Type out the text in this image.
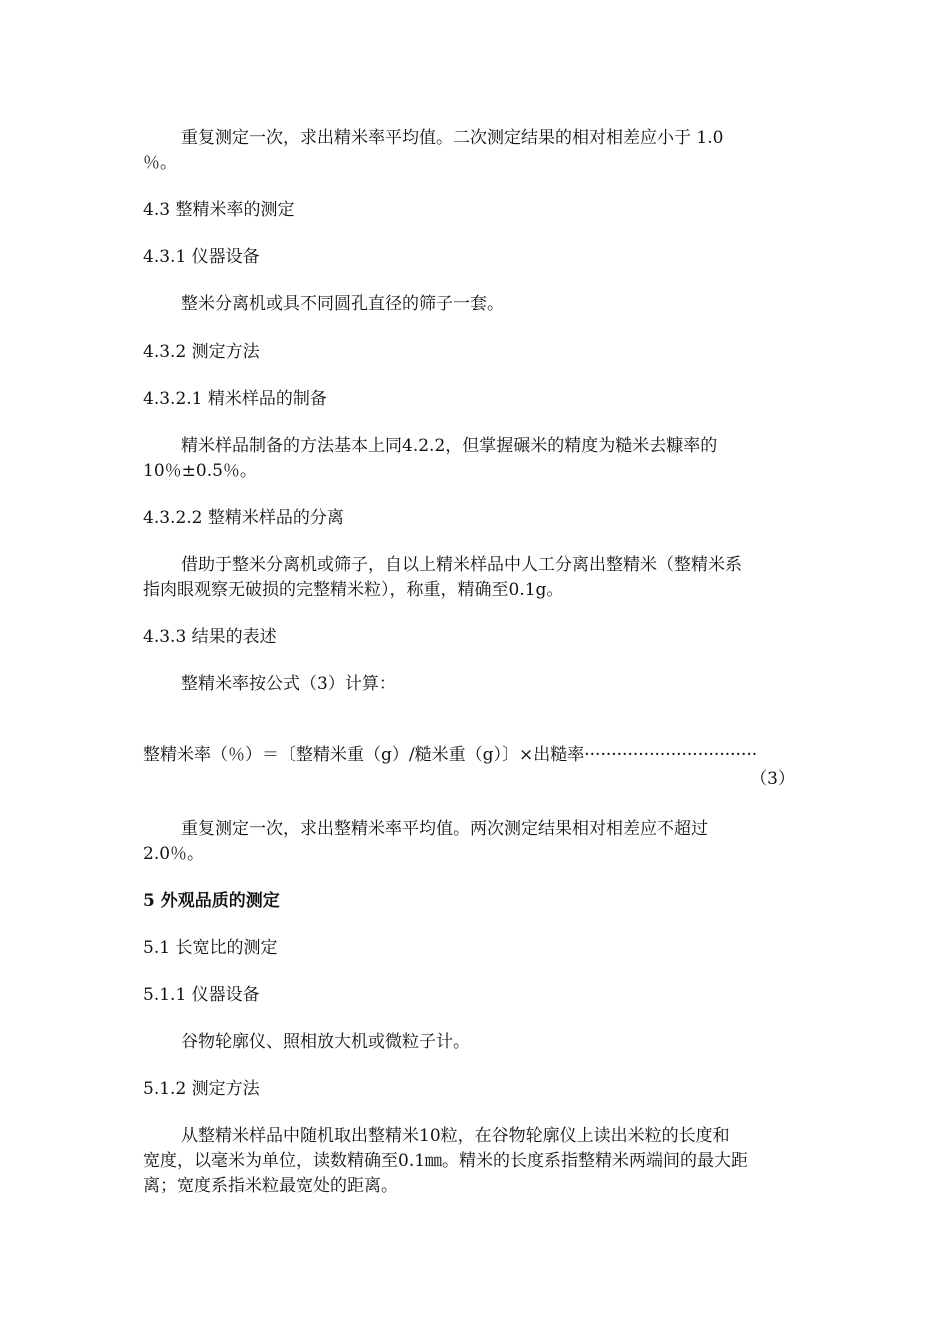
重复测定一次，求出精米率平均值。二次测定结果的相对相差应小于 1.0
％。
4.3 整精米率的测定
4.3.1 仪器设备
整米分离机或具不同圆孔直径的筛子一套。
4.3.2 测定方法
4.3.2.1 精米样品的制备
精米样品制备的方法基本上同4.2.2，但掌握碾米的精度为糙米去糠率的
10％±0.5％。
4.3.2.2 整精米样品的分离
借助于整米分离机或筛子，自以上精米样品中人工分离出整精米（整精米系
指肉眼观察无破损的完整精米粒），称重，精确至0.1g。
4.3.3 结果的表述
整精米率按公式（3）计算：
整精米率（％）＝〔整精米重（g）/糙米重（g）〕×出糙率································
（3）
重复测定一次，求出整精米率平均值。两次测定结果相对相差应不超过
2.0％。
5 外观品质的测定
5.1 长宽比的测定
5.1.1 仪器设备
谷物轮廓仪、照相放大机或微粒子计。
5.1.2 测定方法
从整精米样品中随机取出整精米10粒，在谷物轮廓仪上读出米粒的长度和
宽度，以毫米为单位，读数精确至0.1㎜。精米的长度系指整精米两端间的最大距
离；宽度系指米粒最宽处的距离。
